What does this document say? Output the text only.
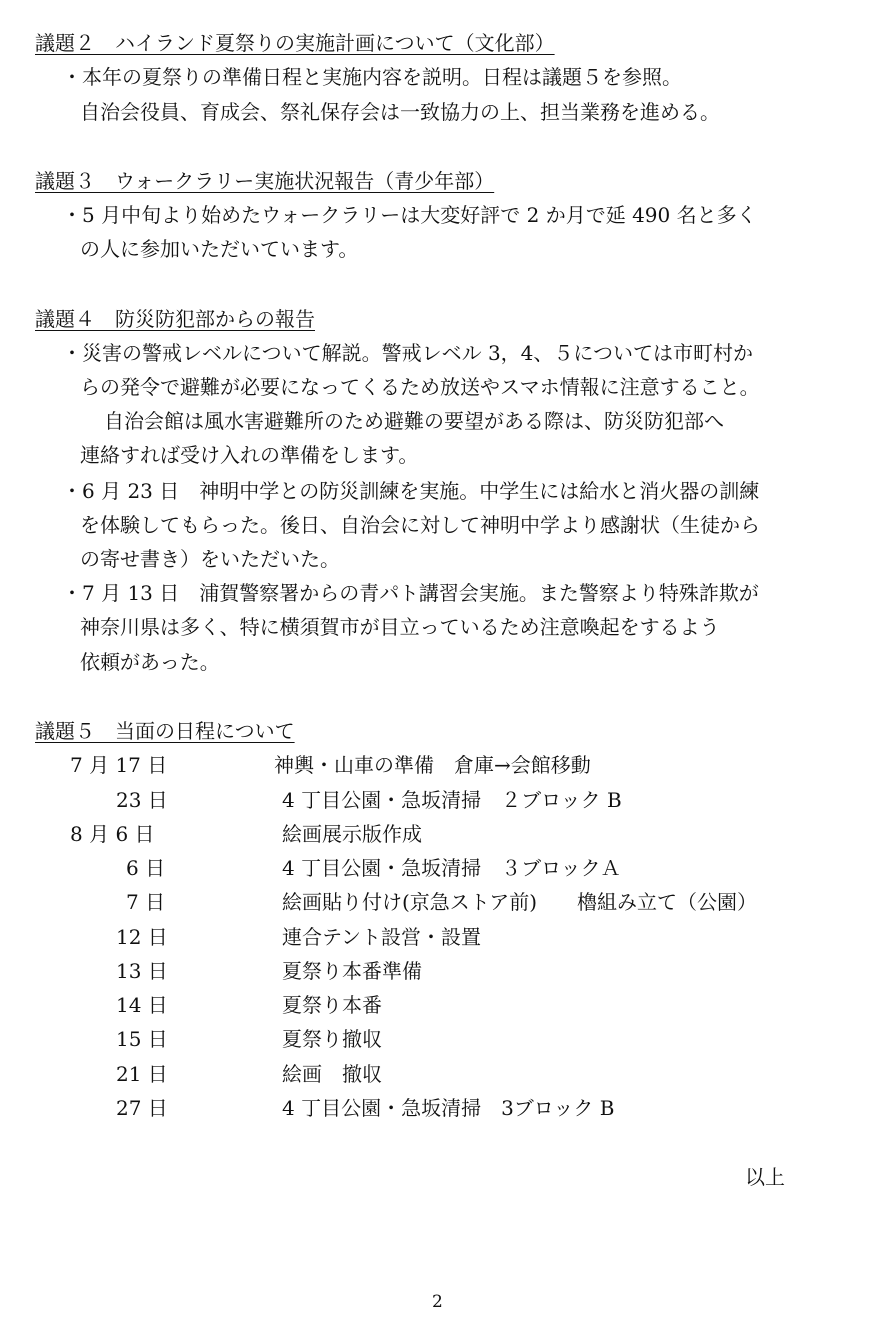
議題２　ハイランド夏祭りの実施計画について（文化部）
・本年の夏祭りの準備日程と実施内容を説明。日程は議題５を参照。
自治会役員、育成会、祭礼保存会は一致協力の上、担当業務を進める。
議題３　ウォークラリー実施状況報告（青少年部）
・5 月中旬より始めたウォークラリーは大変好評で 2 か月で延 490 名と多く
の人に参加いただいています。
議題４　防災防犯部からの報告
・災害の警戒レベルについて解説。警戒レベル 3，4、５については市町村か
らの発令で避難が必要になってくるため放送やスマホ情報に注意すること。
自治会館は風水害避難所のため避難の要望がある際は、防災防犯部へ
連絡すれば受け入れの準備をします。
・6 月 23 日　神明中学との防災訓練を実施。中学生には給水と消火器の訓練
を体験してもらった。後日、自治会に対して神明中学より感謝状（生徒から
の寄せ書き）をいただいた。
・7 月 13 日　浦賀警察署からの青パト講習会実施。また警察より特殊詐欺が
神奈川県は多く、特に横須賀市が目立っているため注意喚起をするよう
依頼があった。
議題５　当面の日程について
7 月 17 日	神輿・山車の準備　倉庫→会館移動
23 日	4 丁目公園・急坂清掃　２ブロック B
8 月 6 日	絵画展示版作成
6 日	4 丁目公園・急坂清掃　３ブロックＡ
7 日	絵画貼り付け(京急ストア前)　　櫓組み立て（公園）
12 日	連合テント設営・設置
13 日	夏祭り本番準備
14 日	夏祭り本番
15 日	夏祭り撤収
21 日	絵画　撤収
27 日	4 丁目公園・急坂清掃　3ブロック B
以上
2
